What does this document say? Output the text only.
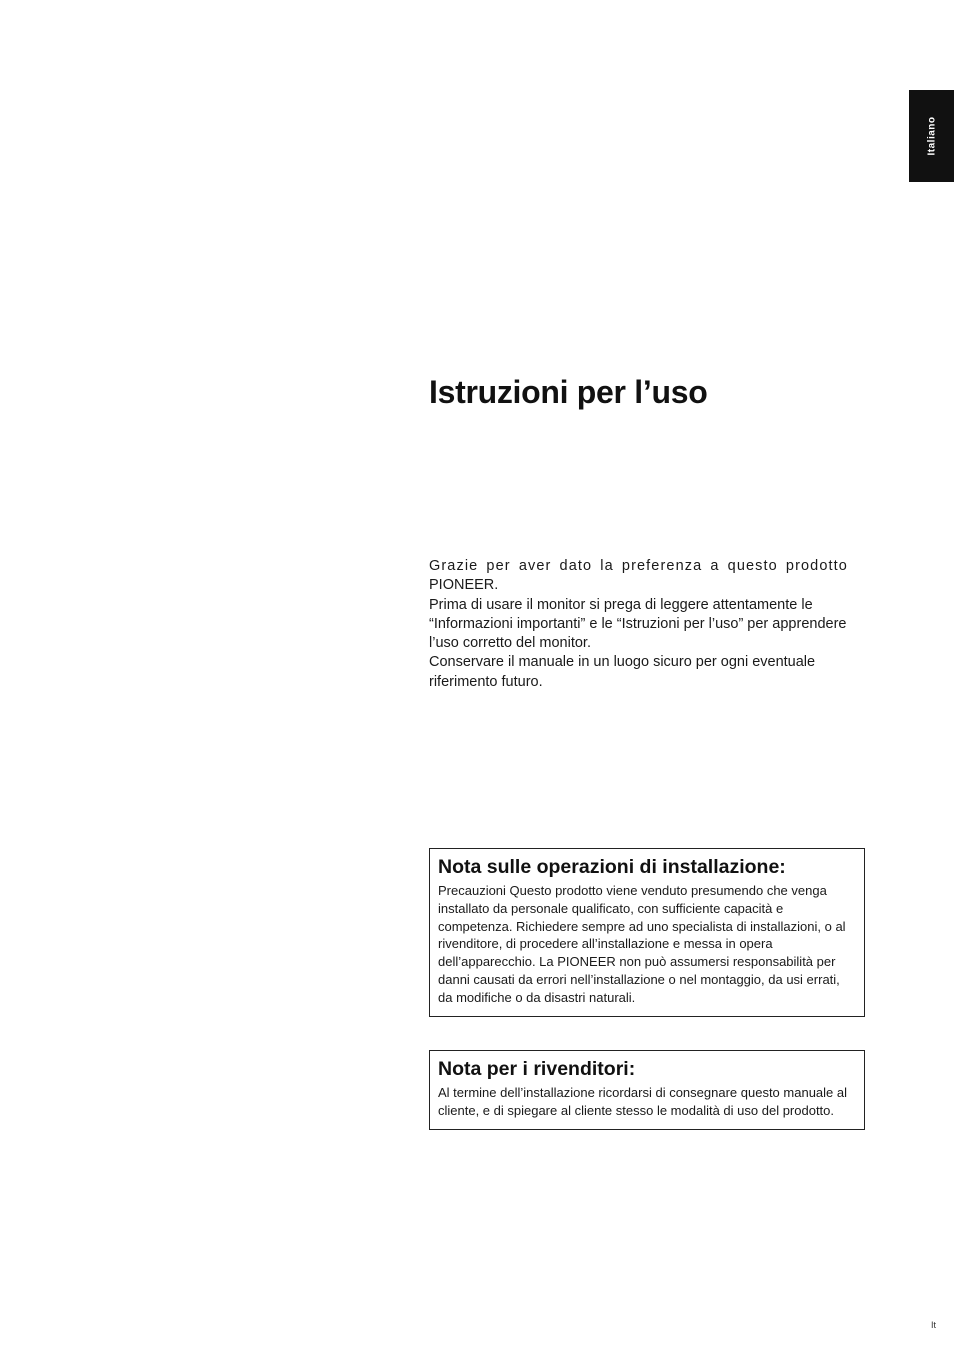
Italiano
Istruzioni per l’uso

Grazie per aver dato la preferenza a questo prodotto

PIONEER.

Prima di usare il monitor si prega di leggere attentamente le “Informazioni importanti” e le “Istruzioni per l’uso” per apprendere l’uso corretto del monitor.

Conservare il manuale in un luogo sicuro per ogni eventuale riferimento futuro.

Nota sulle operazioni di installazione:

Precauzioni Questo prodotto viene venduto presumendo che venga installato da personale qualificato, con sufficiente capacità e competenza. Richiedere sempre ad uno specialista di installazioni, o al rivenditore, di procedere all’installazione e messa in opera dell’apparecchio. La PIONEER non può assumersi responsabilità per danni causati da errori nell’installazione o nel montaggio, da usi errati, da modifiche o da disastri naturali.

Nota per i rivenditori:

Al termine dell’installazione ricordarsi di consegnare questo manuale al cliente, e di spiegare al cliente stesso le modalità di uso del prodotto.

It
